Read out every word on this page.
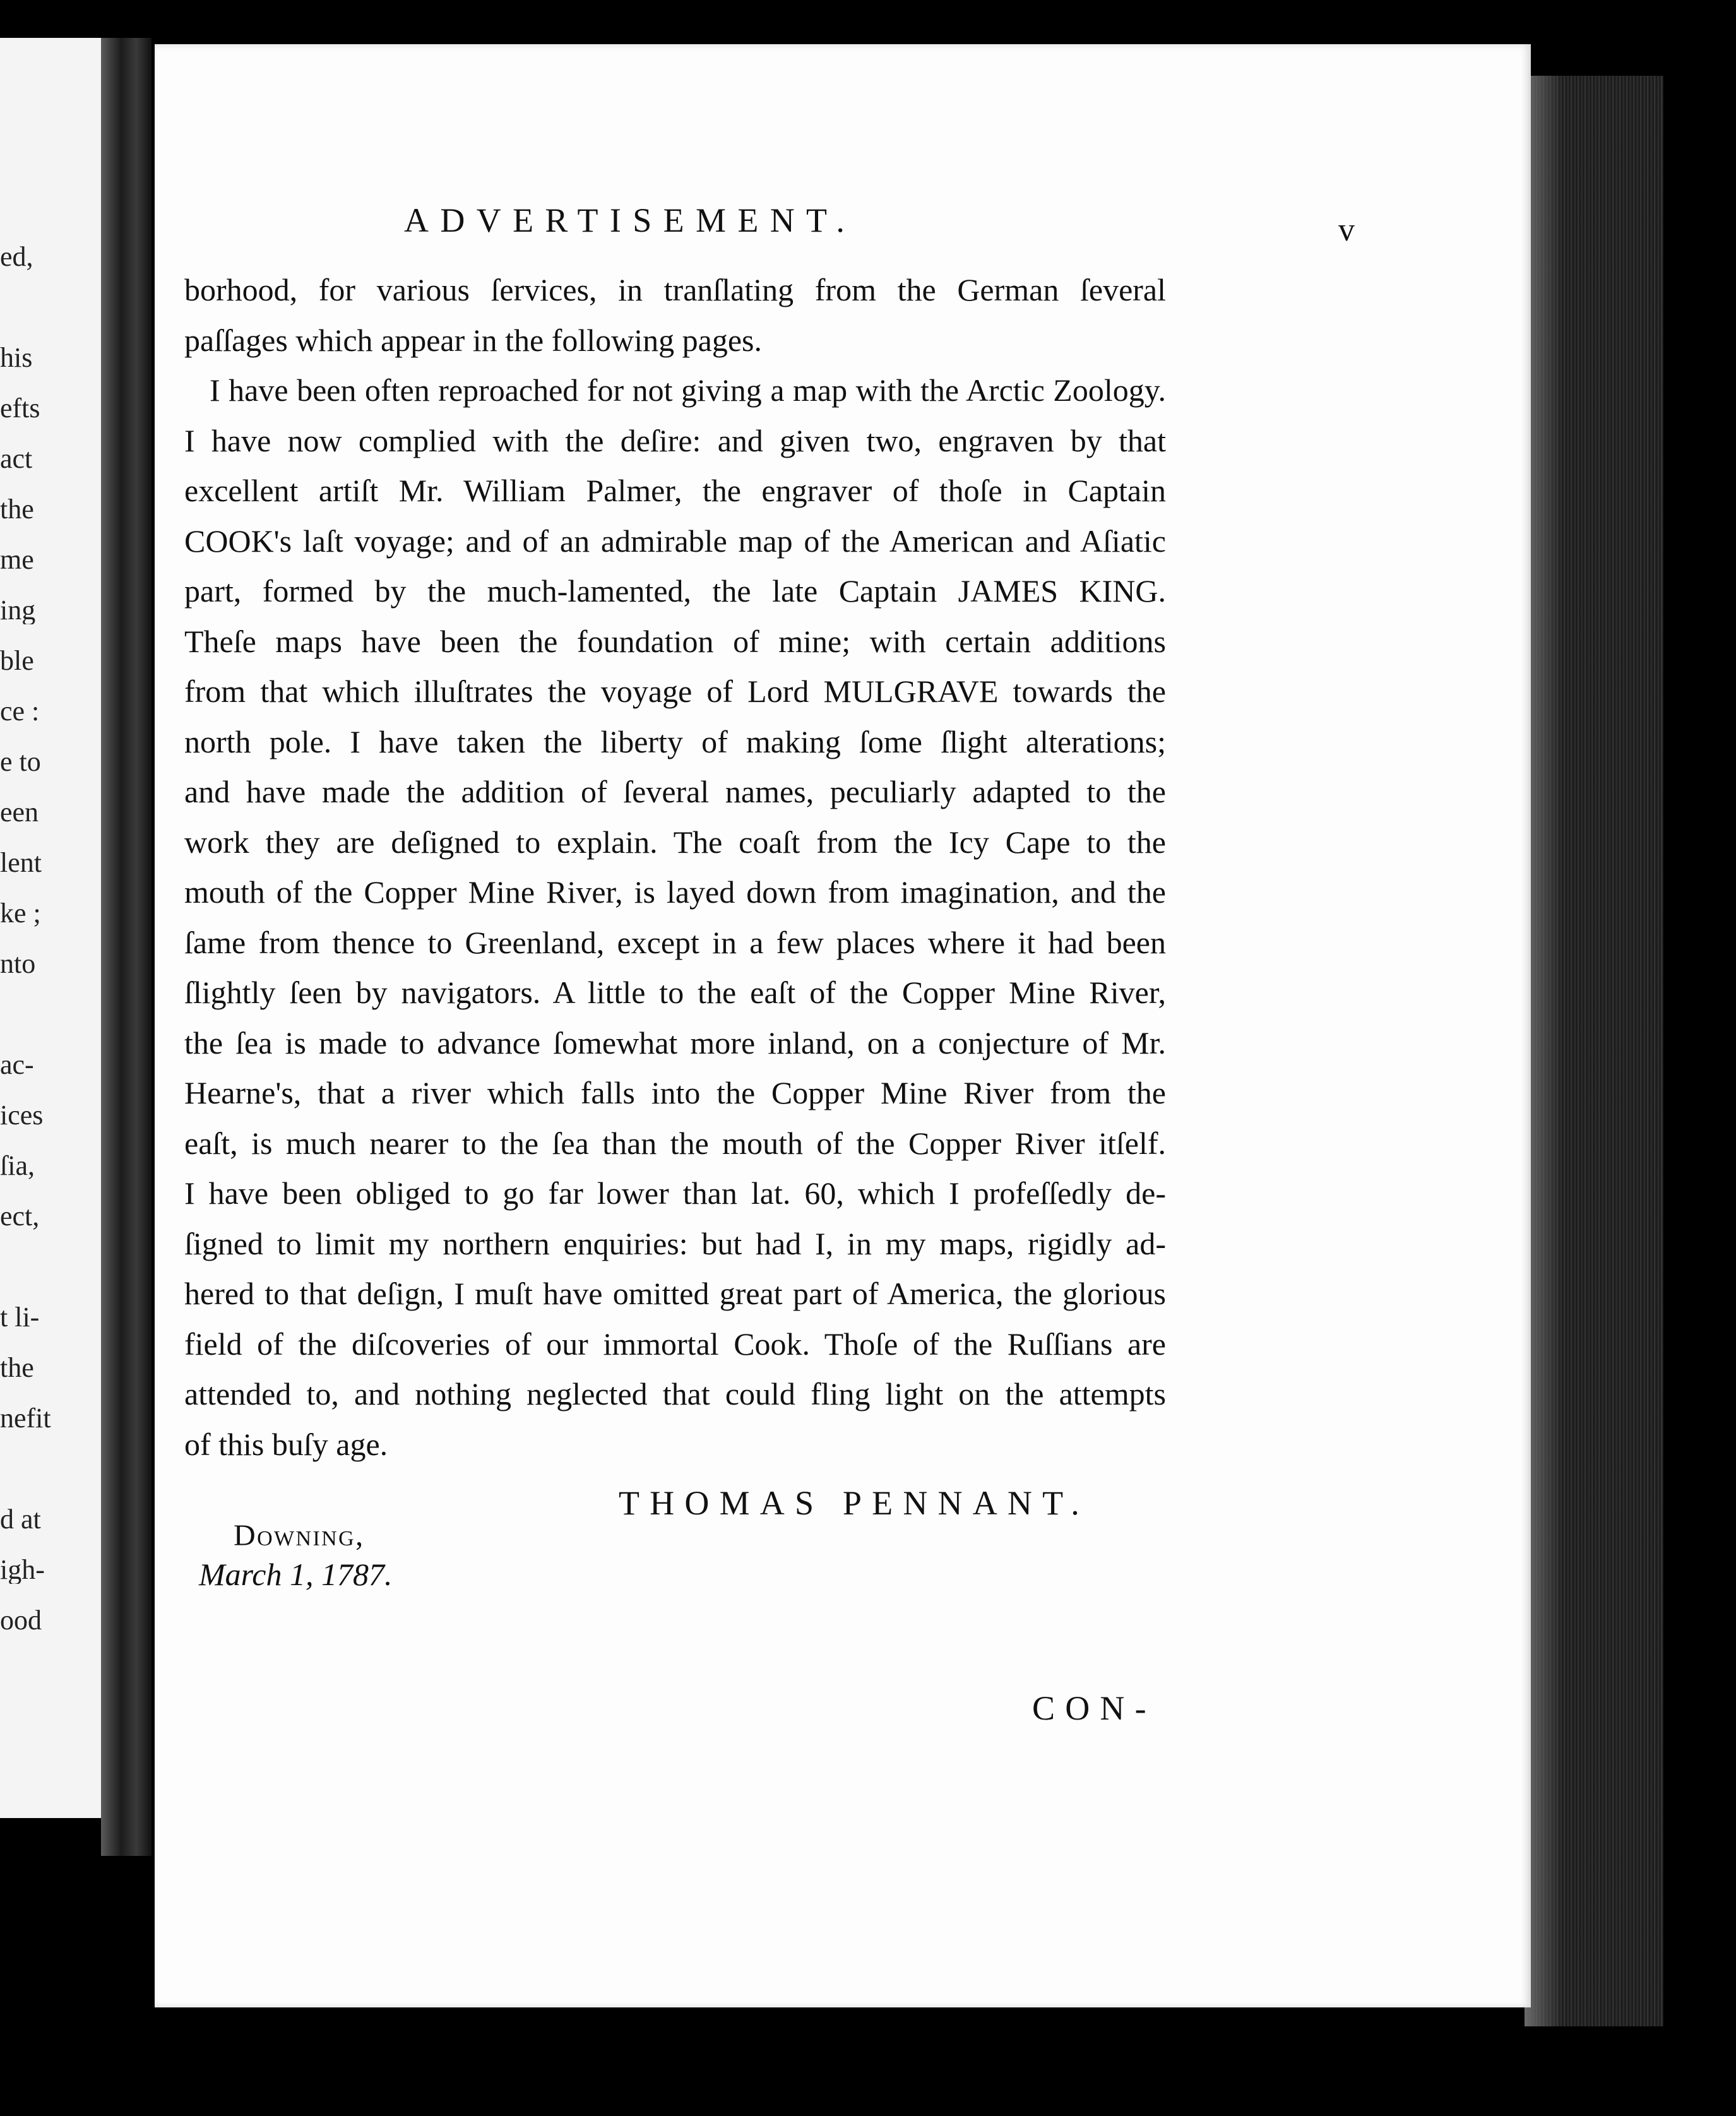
ed,
his
efts
act
the
me
ing
ble
ce :
e to
een
lent
ke ;
nto
ac-
ices
ſia,
ect,
t li-
the
nefit
d at
igh-
ood
ADVERTISEMENT.	v
borhood, for various ſervices, in tranſlating from the German ſeveral
paſſages which appear in the following pages.
I have been often reproached for not giving a map with the Arctic Zoology.
I have now complied with the deſire: and given two, engraven by that
excellent artiſt Mr. William Palmer, the engraver of thoſe in Captain
COOK's laſt voyage; and of an admirable map of the American and Aſiatic
part, formed by the much-lamented, the late Captain JAMES KING.
Theſe maps have been the foundation of mine; with certain additions
from that which illuſtrates the voyage of Lord MULGRAVE towards the
north pole. I have taken the liberty of making ſome ſlight alterations;
and have made the addition of ſeveral names, peculiarly adapted to the
work they are deſigned to explain. The coaſt from the Icy Cape to the
mouth of the Copper Mine River, is layed down from imagination, and the
ſame from thence to Greenland, except in a few places where it had been
ſlightly ſeen by navigators. A little to the eaſt of the Copper Mine River,
the ſea is made to advance ſomewhat more inland, on a conjecture of Mr.
Hearne's, that a river which falls into the Copper Mine River from the
eaſt, is much nearer to the ſea than the mouth of the Copper River itſelf.
I have been obliged to go far lower than lat. 60, which I profeſſedly de-
ſigned to limit my northern enquiries: but had I, in my maps, rigidly ad-
hered to that deſign, I muſt have omitted great part of America, the glorious
field of the diſcoveries of our immortal Cook. Thoſe of the Ruſſians are
attended to, and nothing neglected that could fling light on the attempts
of this buſy age.
THOMAS PENNANT.
Downing,
March 1, 1787.
CON-
